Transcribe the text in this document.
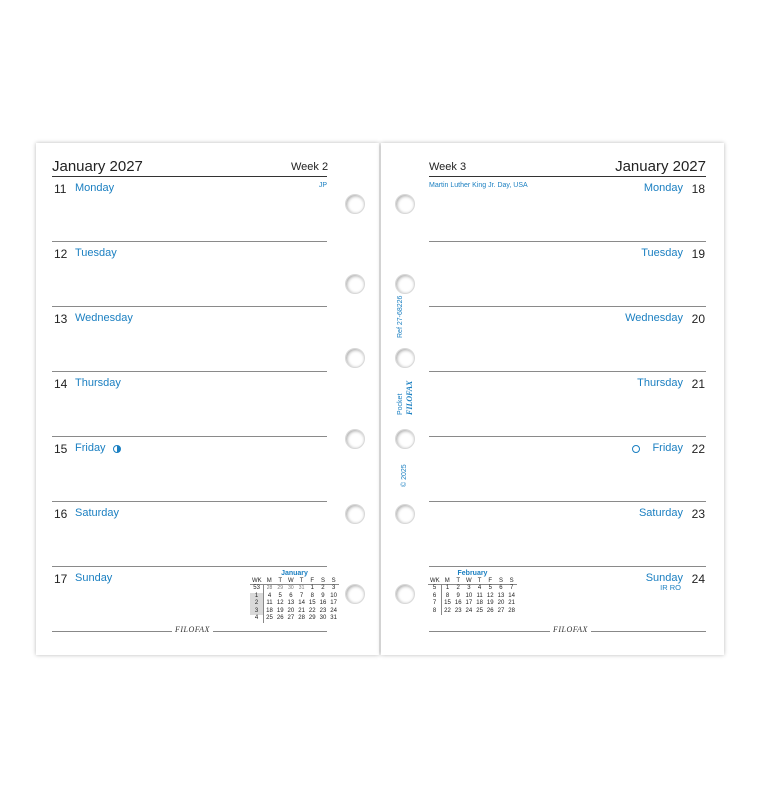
January 2027	Week 2
11 Monday	JP
12 Tuesday
13 Wednesday
14 Thursday
15 Friday
16 Saturday
17 Sunday	January
WK	M	T	W	T	F	S	S
53	28	29	30	31	1	2	3
1	4	5	6	7	8	9	10
2	11	12	13	14	15	16	17
3	18	19	20	21	22	23	24
4	25	26	27	28	29	30	31
FILOFAX
Week 3	January 2027
Martin Luther King Jr. Day, USA	Monday 18
Tuesday 19
Wednesday 20
Thursday 21
Friday 22
Saturday 23
Sunday 24
IR RO
February
WK	M	T	W	T	F	S	S
5	1	2	3	4	5	6	7
6	8	9	10	11	12	13	14
7	15	16	17	18	19	20	21
8	22	23	24	25	26	27	28
FILOFAX
Ref 27-68226
Pocket FILOFAX
© 2025
